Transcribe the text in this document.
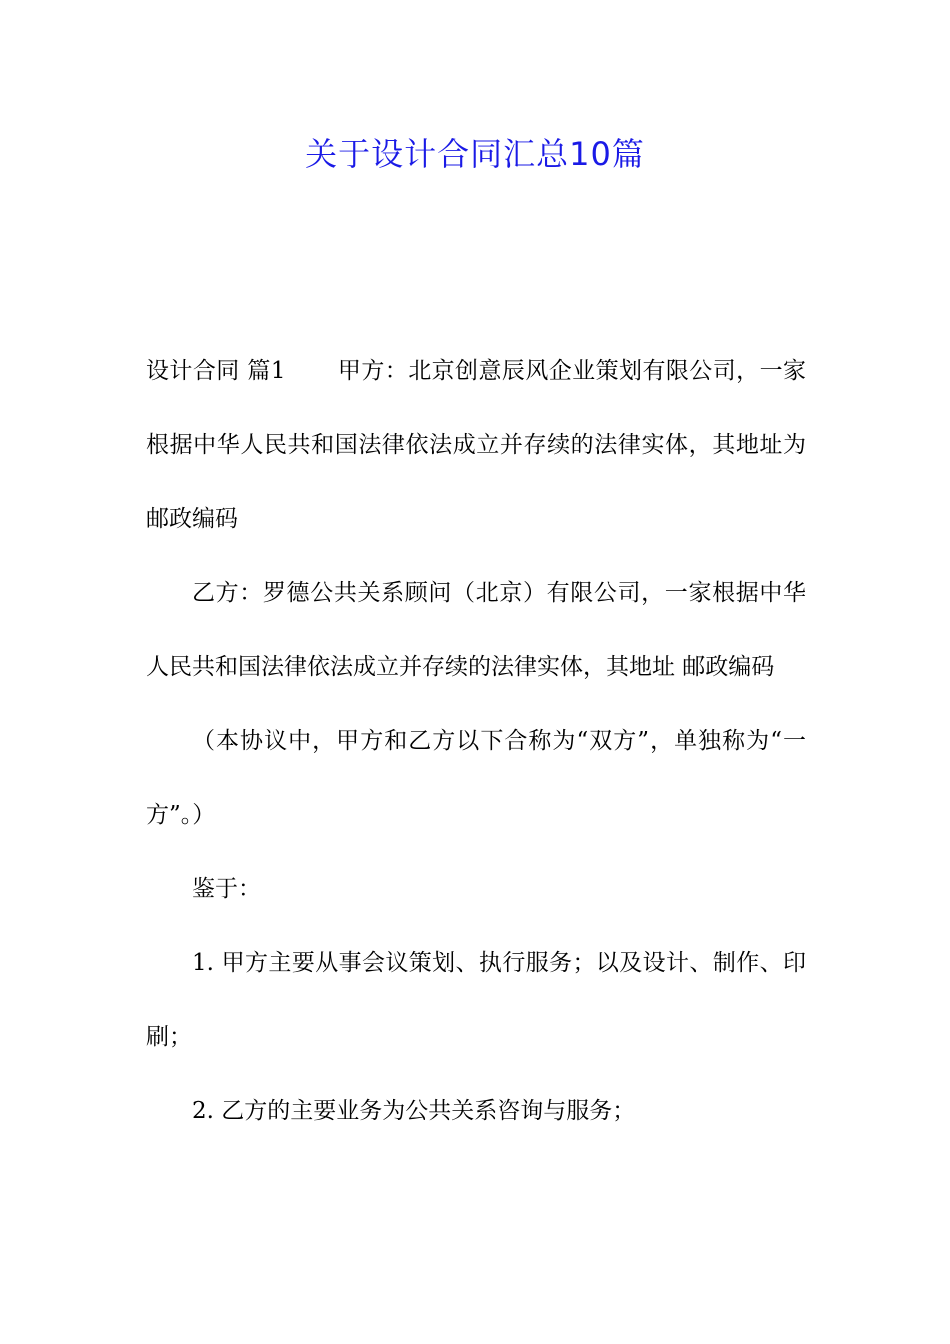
关于设计合同汇总10篇

设计合同 篇1 甲方：北京创意辰风企业策划有限公司，一家根据中华人民共和国法律依法成立并存续的法律实体，其地址为 邮政编码

乙方：罗德公共关系顾问（北京）有限公司，一家根据中华人民共和国法律依法成立并存续的法律实体，其地址 邮政编码

（本协议中，甲方和乙方以下合称为“双方”，单独称为“一方”。）

鉴于：

1. 甲方主要从事会议策划、执行服务；以及设计、制作、印刷；

2. 乙方的主要业务为公共关系咨询与服务；
